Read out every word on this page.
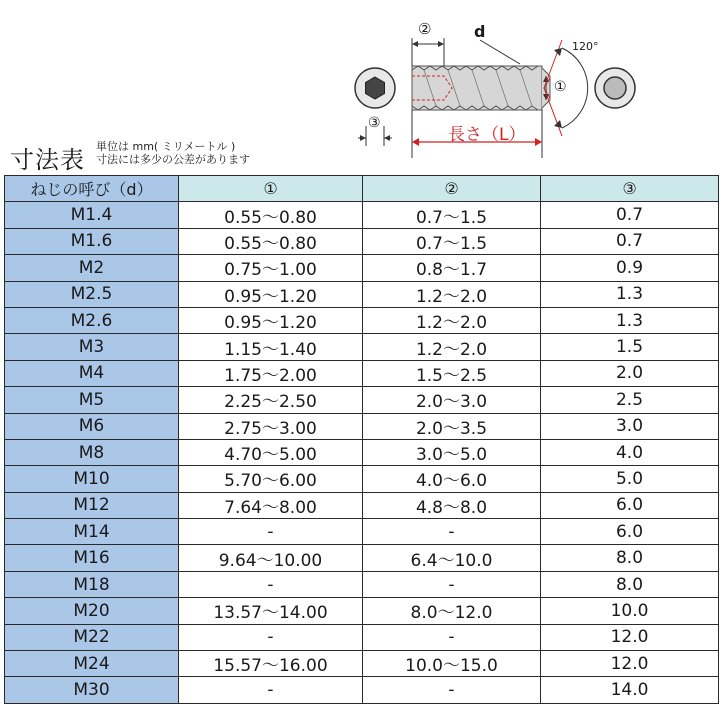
②	d
120°
①
③
長さ（L）
寸法表 単位は mm( ミリメートル )
寸法には多少の公差があります
ねじの呼び（d）	①	②	③
M1.4	0.55〜0.80	0.7〜1.5	0.7
M1.6	0.55〜0.80	0.7〜1.5	0.7
M2	0.75〜1.00	0.8〜1.7	0.9
M2.5	0.95〜1.20	1.2〜2.0	1.3
M2.6	0.95〜1.20	1.2〜2.0	1.3
M3	1.15〜1.40	1.2〜2.0	1.5
M4	1.75〜2.00	1.5〜2.5	2.0
M5	2.25〜2.50	2.0〜3.0	2.5
M6	2.75〜3.00	2.0〜3.5	3.0
M8	4.70〜5.00	3.0〜5.0	4.0
M10	5.70〜6.00	4.0〜6.0	5.0
M12	7.64〜8.00	4.8〜8.0	6.0
M14	-	-	6.0
M16	9.64〜10.00	6.4〜10.0	8.0
M18	-	-	8.0
M20	13.57〜14.00	8.0〜12.0	10.0
M22	-	-	12.0
M24	15.57〜16.00	10.0〜15.0	12.0
M30	-	-	14.0
